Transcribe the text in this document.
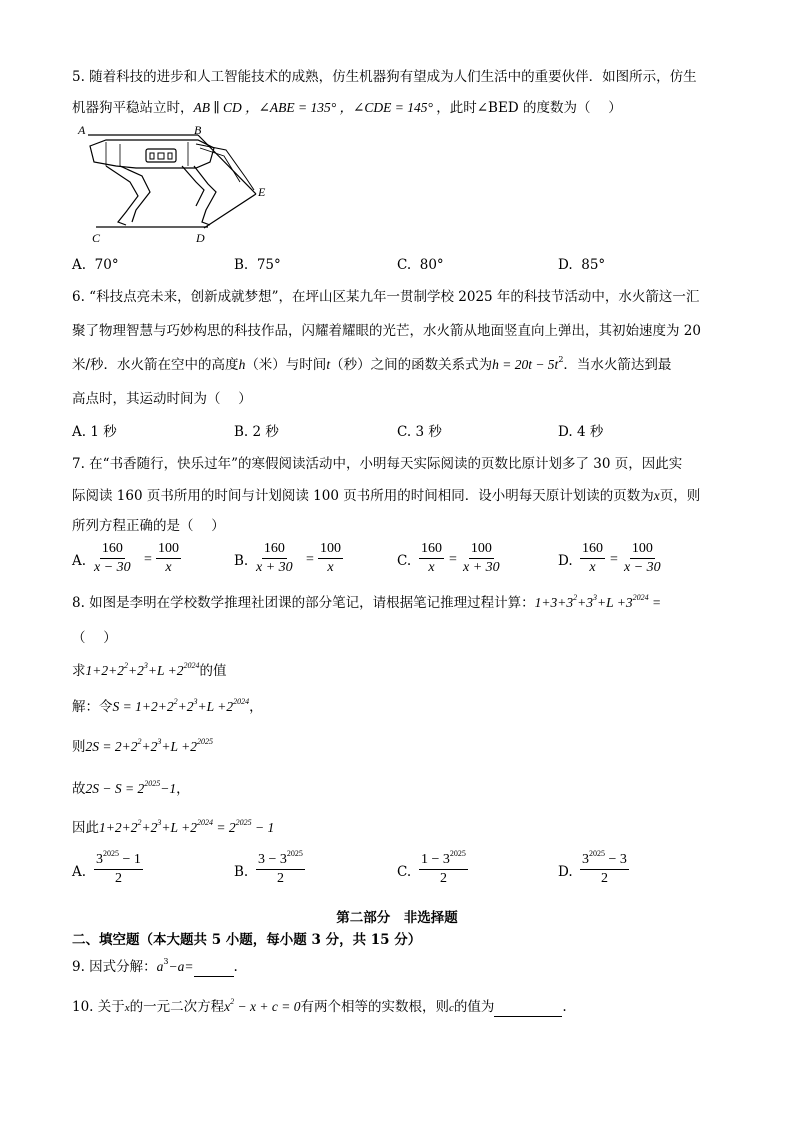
5. 随着科技的进步和人工智能技术的成熟，仿生机器狗有望成为人们生活中的重要伙伴．如图所示，仿生
机器狗平稳站立时，AB ∥ CD ，∠ABE = 135° ，∠CDE = 145° ，此时∠BED 的度数为（　 ）
A	B
E
C	D
A. 70°	B. 75°	C. 80°	D. 85°
6. “科技点亮未来，创新成就梦想”，在坪山区某九年一贯制学校 2025 年的科技节活动中，水火箭这一汇
聚了物理智慧与巧妙构思的科技作品，闪耀着耀眼的光芒，水火箭从地面竖直向上弹出，其初始速度为 20
米/秒．水火箭在空中的高度h（米）与时间t（秒）之间的函数关系式为$h = 20t - 5t^2$．当水火箭达到最
高点时，其运动时间为（　 ）
A. 1 秒	B. 2 秒	C. 3 秒	D. 4 秒
7. 在“书香随行，快乐过年”的寒假阅读活动中，小明每天实际阅读的页数比原计划多了 30 页，因此实
际阅读 160 页书所用的时间与计划阅读 100 页书所用的时间相同．设小明每天原计划读的页数为x页，则
所列方程正确的是（　 ）
A. $\frac{160}{x - 30} = \frac{100}{x}$	B. $\frac{160}{x + 30} = \frac{100}{x}$	C. $\frac{160}{x} = \frac{100}{x + 30}$	D. $\frac{160}{x} = \frac{100}{x - 30}$
8. 如图是李明在学校数学推理社团课的部分笔记，请根据笔记推理过程计算：$1+3+3^2+3^3+L +3^{2024}$ =
（　 ）
求$1+2+2^2+2^3+L +2^{2024}$的值
解：令$S = 1+2+2^2+2^3+L +2^{2024}$，
则$2S = 2+2^2+2^3+L +2^{2025}$
故$2S - S = 2^{2025}-1$，
因此$1+2+2^2+2^3+L +2^{2024} = 2^{2025} - 1$
A. $\frac{3^{2025} - 1}{2}$	B. $\frac{3 - 3^{2025}}{2}$	C. $\frac{1 - 3^{2025}}{2}$	D. $\frac{3^{2025} - 3}{2}$
第二部分　非选择题
二、填空题（本大题共 5 小题，每小题 3 分，共 15 分）
9. 因式分解：$a^3-a=$	.
10. 关于x的一元二次方程$x^2 - x + c = 0$有两个相等的实数根，则c的值为	.
